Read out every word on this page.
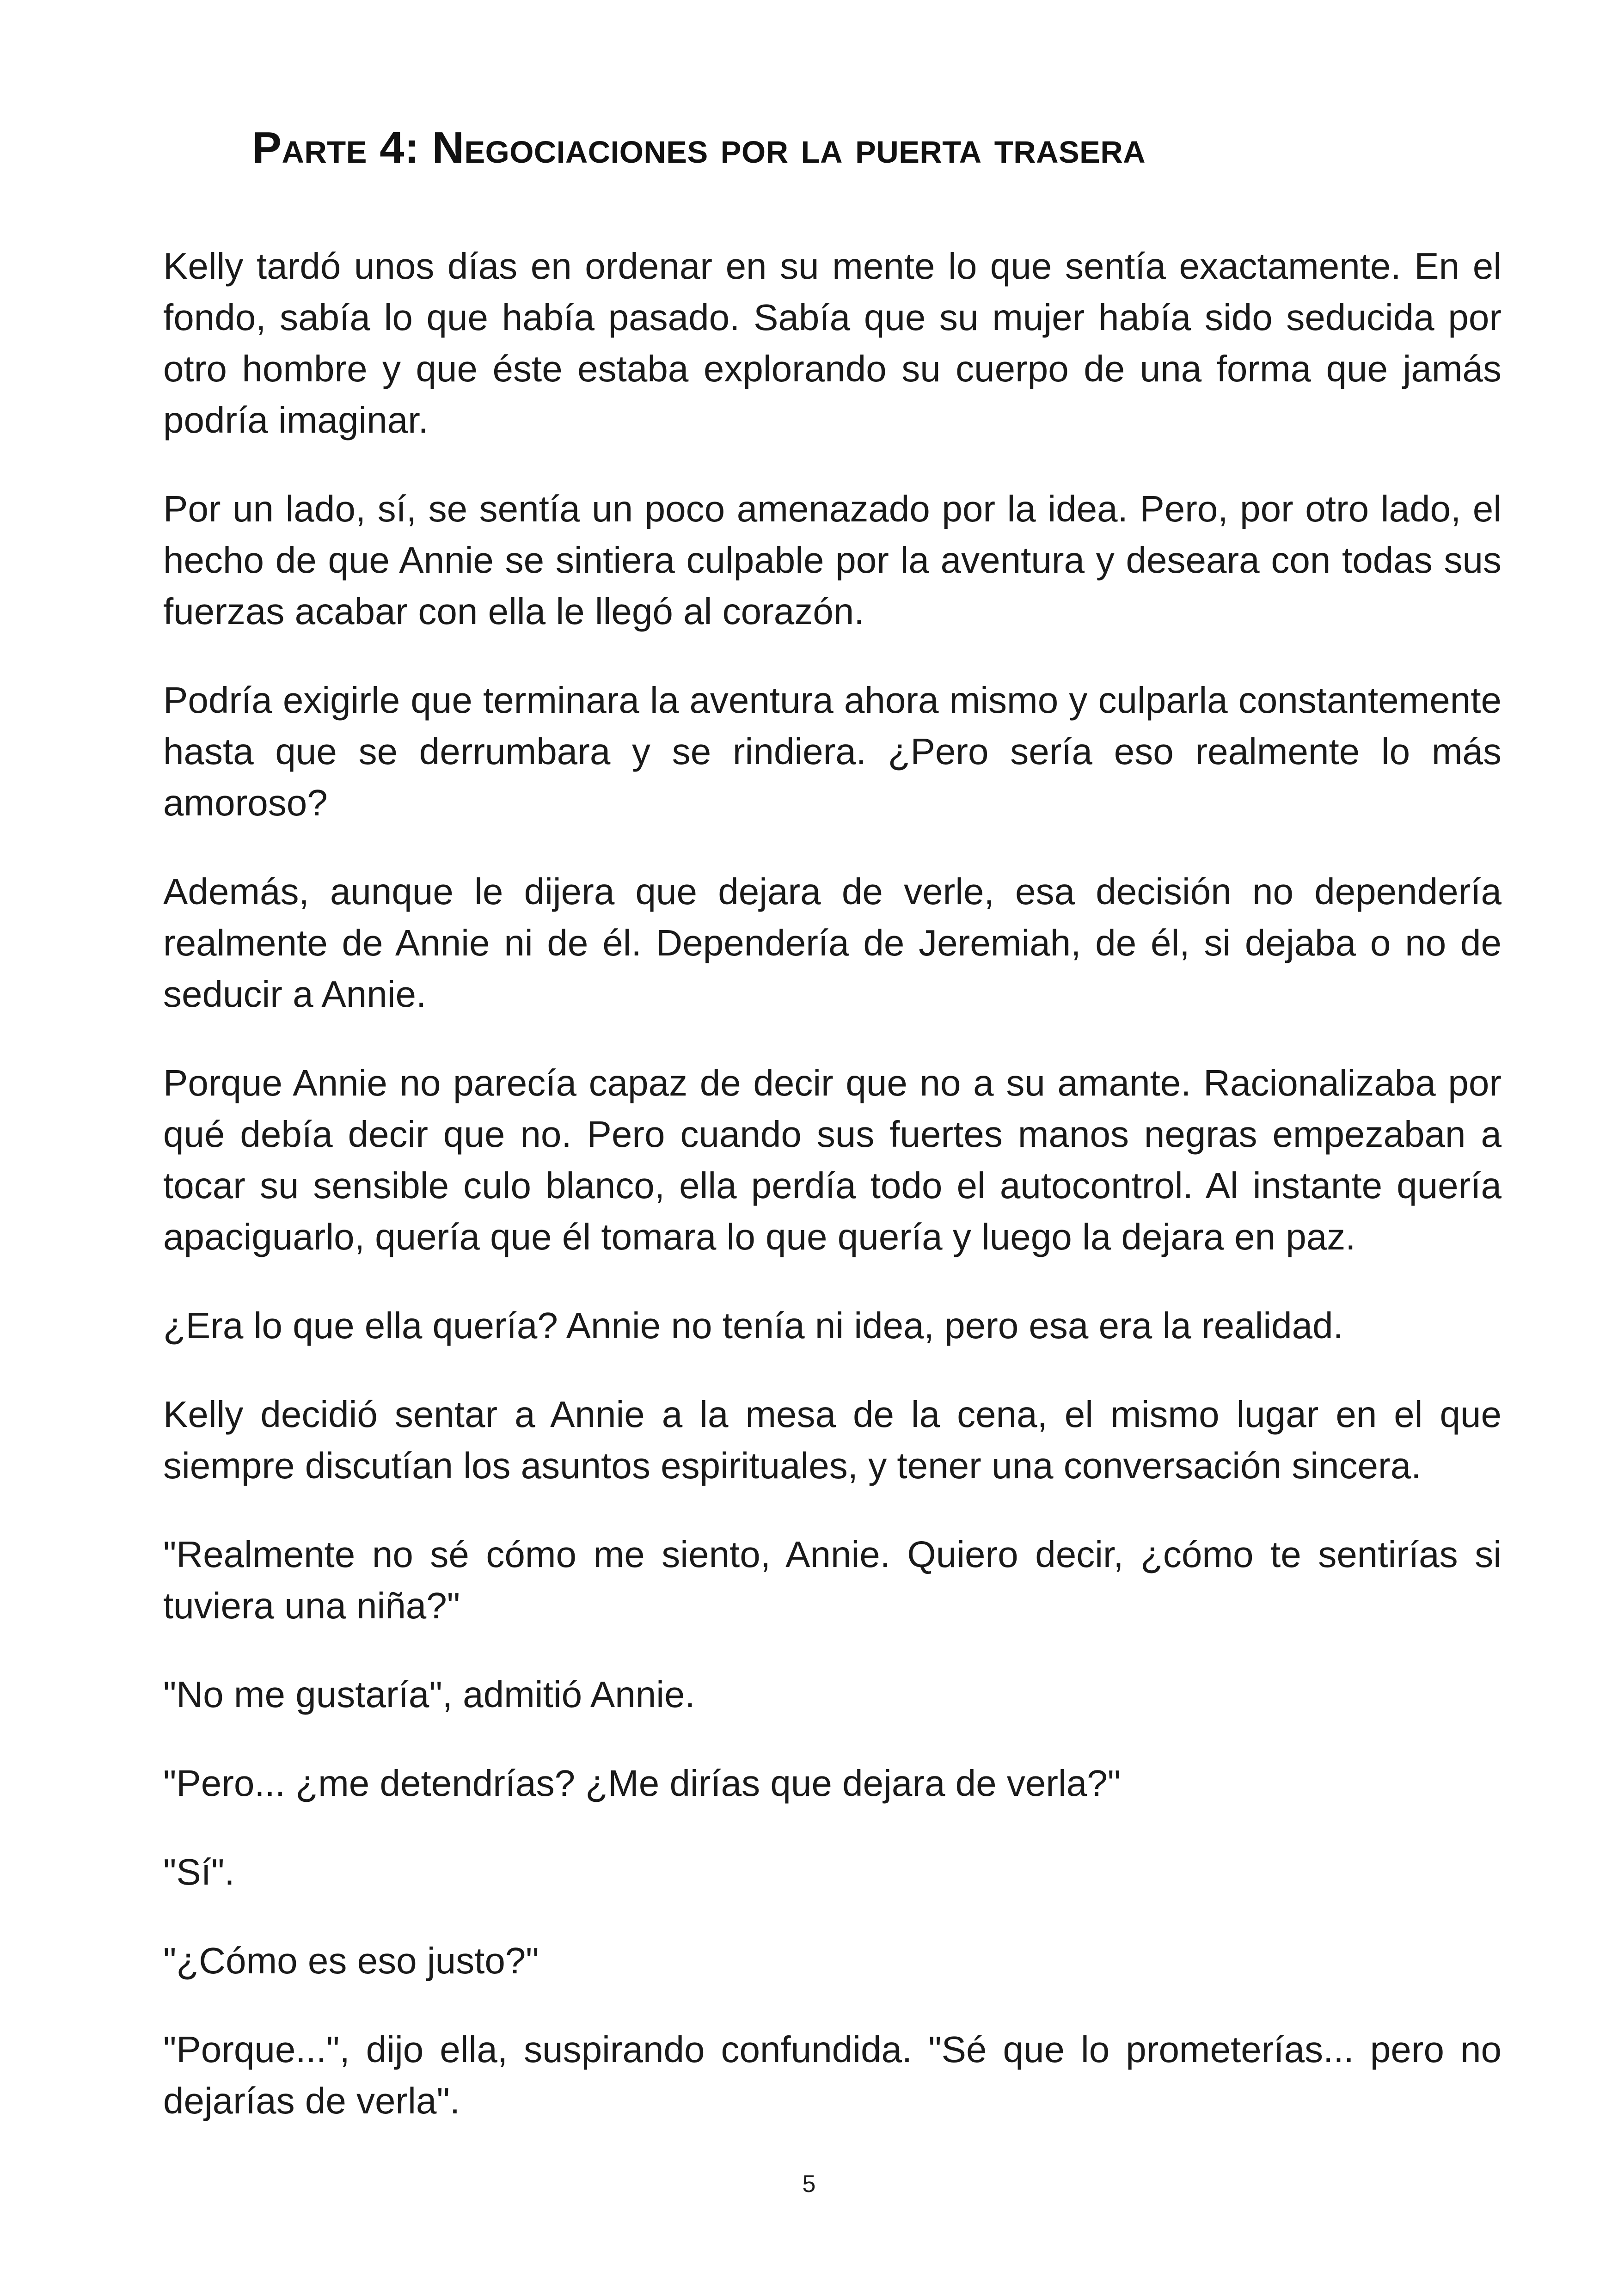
Parte 4: Negociaciones por la puerta trasera

Kelly tardó unos días en ordenar en su mente lo que sentía exactamente. En el fondo, sabía lo que había pasado. Sabía que su mujer había sido seducida por otro hombre y que éste estaba explorando su cuerpo de una forma que jamás podría imaginar.

Por un lado, sí, se sentía un poco amenazado por la idea. Pero, por otro lado, el hecho de que Annie se sintiera culpable por la aventura y deseara con todas sus fuerzas acabar con ella le llegó al corazón.

Podría exigirle que terminara la aventura ahora mismo y culparla constantemente hasta que se derrumbara y se rindiera. ¿Pero sería eso realmente lo más amoroso?

Además, aunque le dijera que dejara de verle, esa decisión no dependería realmente de Annie ni de él. Dependería de Jeremiah, de él, si dejaba o no de seducir a Annie.

Porque Annie no parecía capaz de decir que no a su amante. Racionalizaba por qué debía decir que no. Pero cuando sus fuertes manos negras empezaban a tocar su sensible culo blanco, ella perdía todo el autocontrol. Al instante quería apaciguarlo, quería que él tomara lo que quería y luego la dejara en paz.

¿Era lo que ella quería? Annie no tenía ni idea, pero esa era la realidad.

Kelly decidió sentar a Annie a la mesa de la cena, el mismo lugar en el que siempre discutían los asuntos espirituales, y tener una conversación sincera.

"Realmente no sé cómo me siento, Annie. Quiero decir, ¿cómo te sentirías si tuviera una niña?"

"No me gustaría", admitió Annie.

"Pero... ¿me detendrías? ¿Me dirías que dejara de verla?"

"Sí".

"¿Cómo es eso justo?"

"Porque...", dijo ella, suspirando confundida. "Sé que lo prometerías... pero no dejarías de verla".

5
